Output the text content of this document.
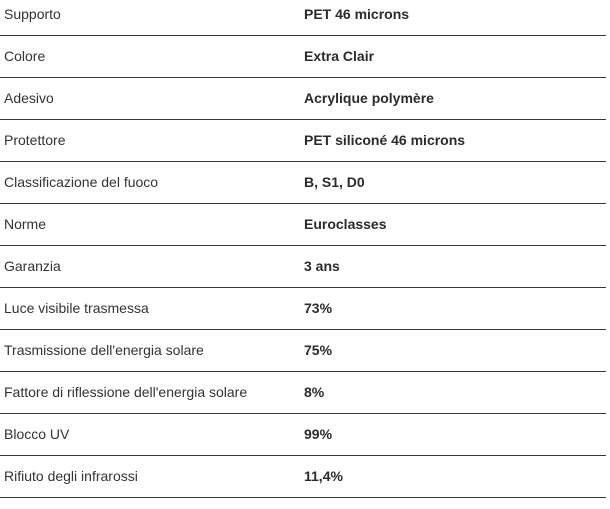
Supporto	PET 46 microns
Colore	Extra Clair
Adesivo	Acrylique polymère
Protettore	PET siliconé 46 microns
Classificazione del fuoco	B, S1, D0
Norme	Euroclasses
Garanzia	3 ans
Luce visibile trasmessa	73%
Trasmissione dell'energia solare	75%
Fattore di riflessione dell'energia solare	8%
Blocco UV	99%
Rifiuto degli infrarossi	11,4%
